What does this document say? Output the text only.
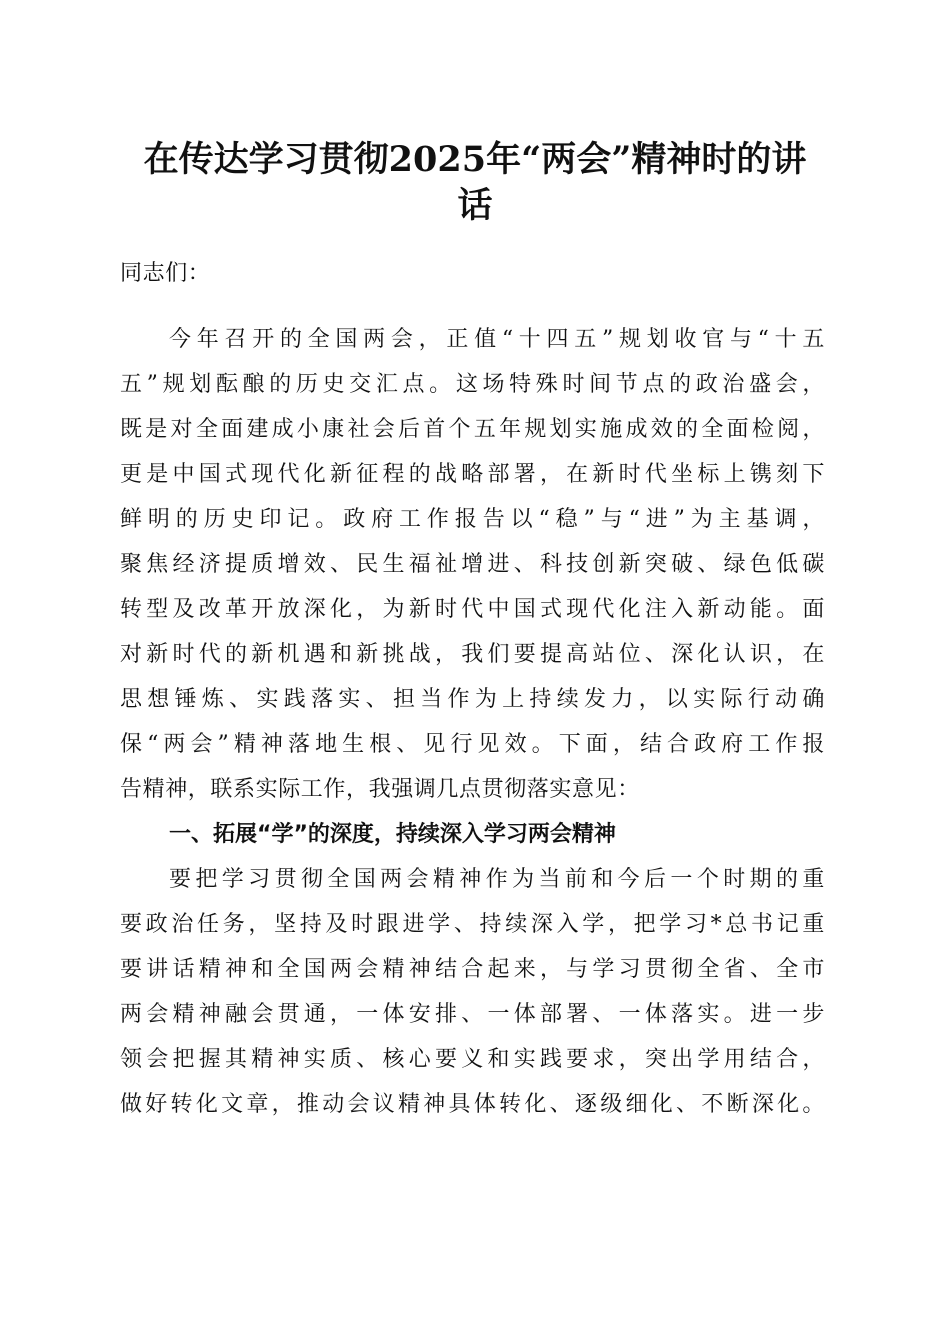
在传达学习贯彻2025年“两会”精神时的讲
话
同志们：
今年召开的全国两会，正值“十四五”规划收官与“十五
五”规划酝酿的历史交汇点。这场特殊时间节点的政治盛会，
既是对全面建成小康社会后首个五年规划实施成效的全面检阅，
更是中国式现代化新征程的战略部署，在新时代坐标上镌刻下
鲜明的历史印记。政府工作报告以“稳”与“进”为主基调，
聚焦经济提质增效、民生福祉增进、科技创新突破、绿色低碳
转型及改革开放深化，为新时代中国式现代化注入新动能。面
对新时代的新机遇和新挑战，我们要提高站位、深化认识，在
思想锤炼、实践落实、担当作为上持续发力，以实际行动确
保“两会”精神落地生根、见行见效。下面，结合政府工作报
告精神，联系实际工作，我强调几点贯彻落实意见：
一、拓展“学”的深度，持续深入学习两会精神
要把学习贯彻全国两会精神作为当前和今后一个时期的重
要政治任务，坚持及时跟进学、持续深入学，把学习*总书记重
要讲话精神和全国两会精神结合起来，与学习贯彻全省、全市
两会精神融会贯通，一体安排、一体部署、一体落实。进一步
领会把握其精神实质、核心要义和实践要求，突出学用结合，
做好转化文章，推动会议精神具体转化、逐级细化、不断深化。
